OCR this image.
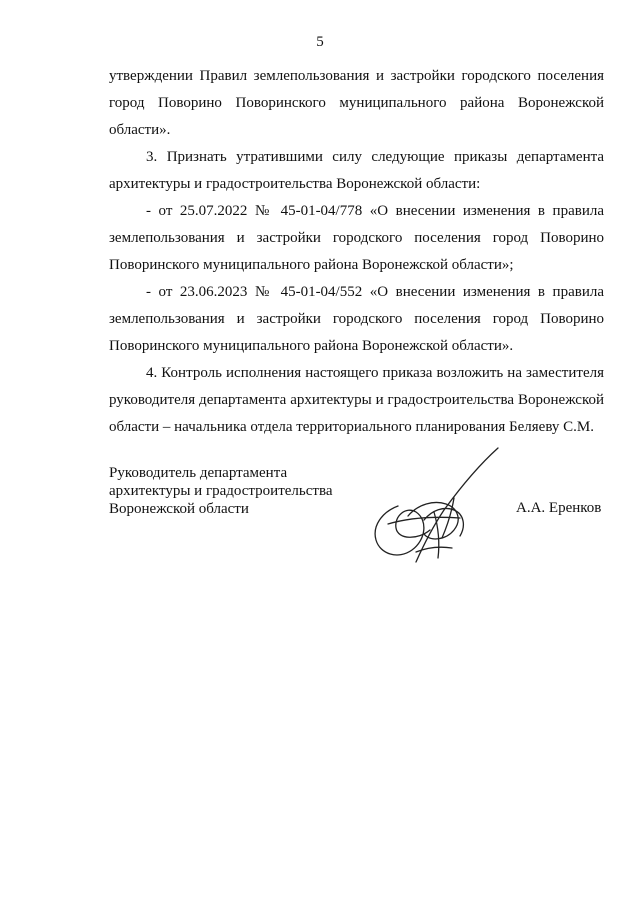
5
утверждении Правил землепользования и застройки городского поселения
город Поворино Поворинского муниципального района Воронежской
области».
3. Признать утратившими силу следующие приказы департамента
архитектуры и градостроительства Воронежской области:
- от 25.07.2022 № 45-01-04/778 «О внесении изменения в правила
землепользования и застройки городского поселения город Поворино
Поворинского муниципального района Воронежской области»;
- от 23.06.2023 № 45-01-04/552 «О внесении изменения в правила
землепользования и застройки городского поселения город Поворино
Поворинского муниципального района Воронежской области».
4. Контроль исполнения настоящего приказа возложить на заместителя
руководителя департамента архитектуры и градостроительства Воронежской
области – начальника отдела территориального планирования Беляеву С.М.
Руководитель департамента
архитектуры и градостроительства
Воронежской области	А.А. Еренков
